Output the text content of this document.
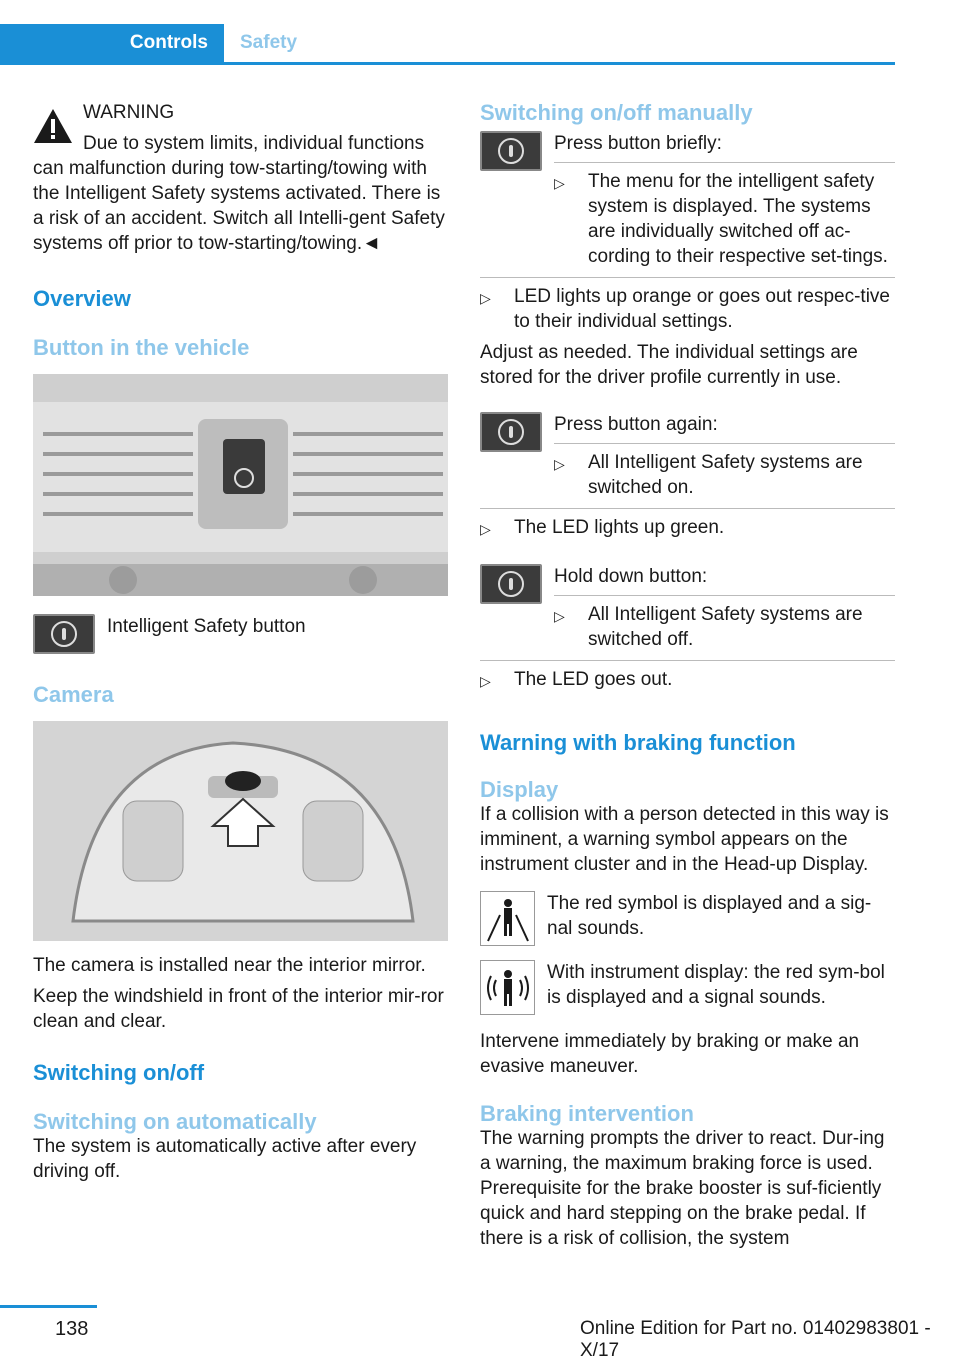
Controls	Safety

WARNING

Due to system limits, individual functions can malfunction during tow-starting/towing with the Intelligent Safety systems activated. There is a risk of an accident. Switch all Intelli-gent Safety systems off prior to tow-starting/towing.◄

Overview

Button in the vehicle

Intelligent Safety button

Camera

The camera is installed near the interior mirror.

Keep the windshield in front of the interior mir-ror clean and clear.

Switching on/off

Switching on automatically

The system is automatically active after every driving off.

Switching on/off manually

Press button briefly:

▷	The menu for the intelligent safety system is displayed. The systems are individually switched off ac-cording to their respective set-tings.

▷	LED lights up orange or goes out respec-tive to their individual settings.

Adjust as needed. The individual settings are stored for the driver profile currently in use.

Press button again:

▷	All Intelligent Safety systems are switched on.

▷	The LED lights up green.

Hold down button:

▷	All Intelligent Safety systems are switched off.

▷	The LED goes out.

Warning with braking function

Display

If a collision with a person detected in this way is imminent, a warning symbol appears on the instrument cluster and in the Head-up Display.

The red symbol is displayed and a sig-nal sounds.

With instrument display: the red sym-bol is displayed and a signal sounds.

Intervene immediately by braking or make an evasive maneuver.

Braking intervention

The warning prompts the driver to react. Dur-ing a warning, the maximum braking force is used. Prerequisite for the brake booster is suf-ficiently quick and hard stepping on the brake pedal. If there is a risk of collision, the system

138	Online Edition for Part no. 01402983801 - X/17
